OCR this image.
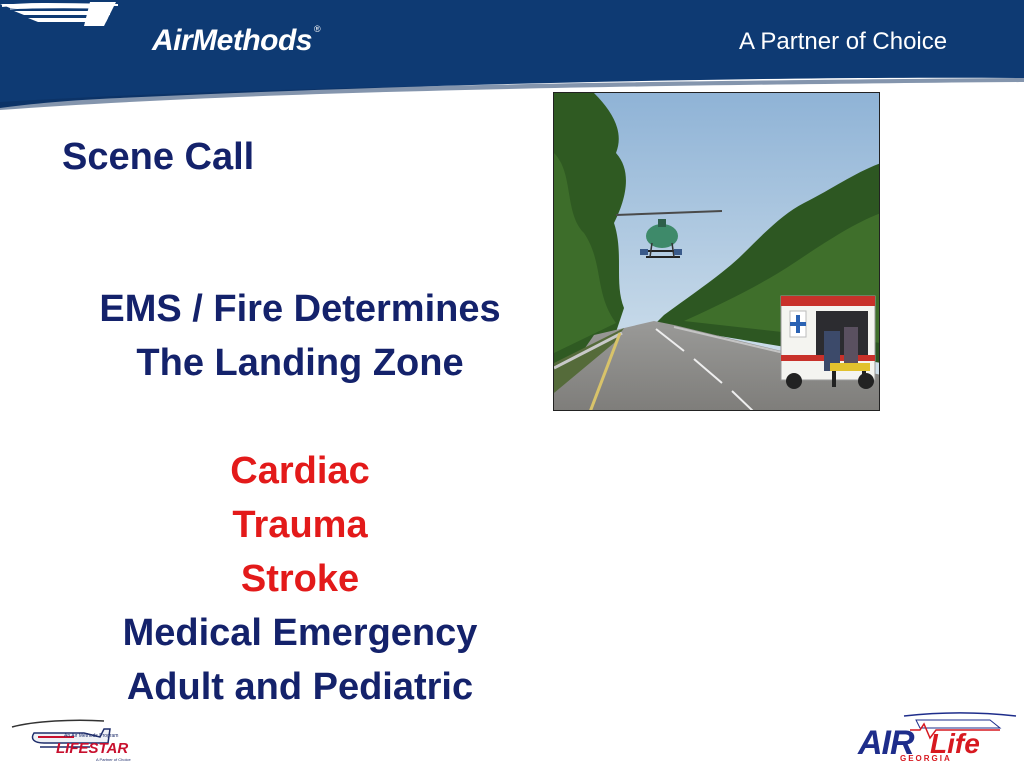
AirMethods ®	A Partner of Choice
Scene Call
EMS / Fire Determines
The Landing Zone
Cardiac
Trauma
Stroke
Medical Emergency
Adult and Pediatric
An Air Methods Program
LIFESTAR
A Partner of Choice	AIR Life
GEORGIA
